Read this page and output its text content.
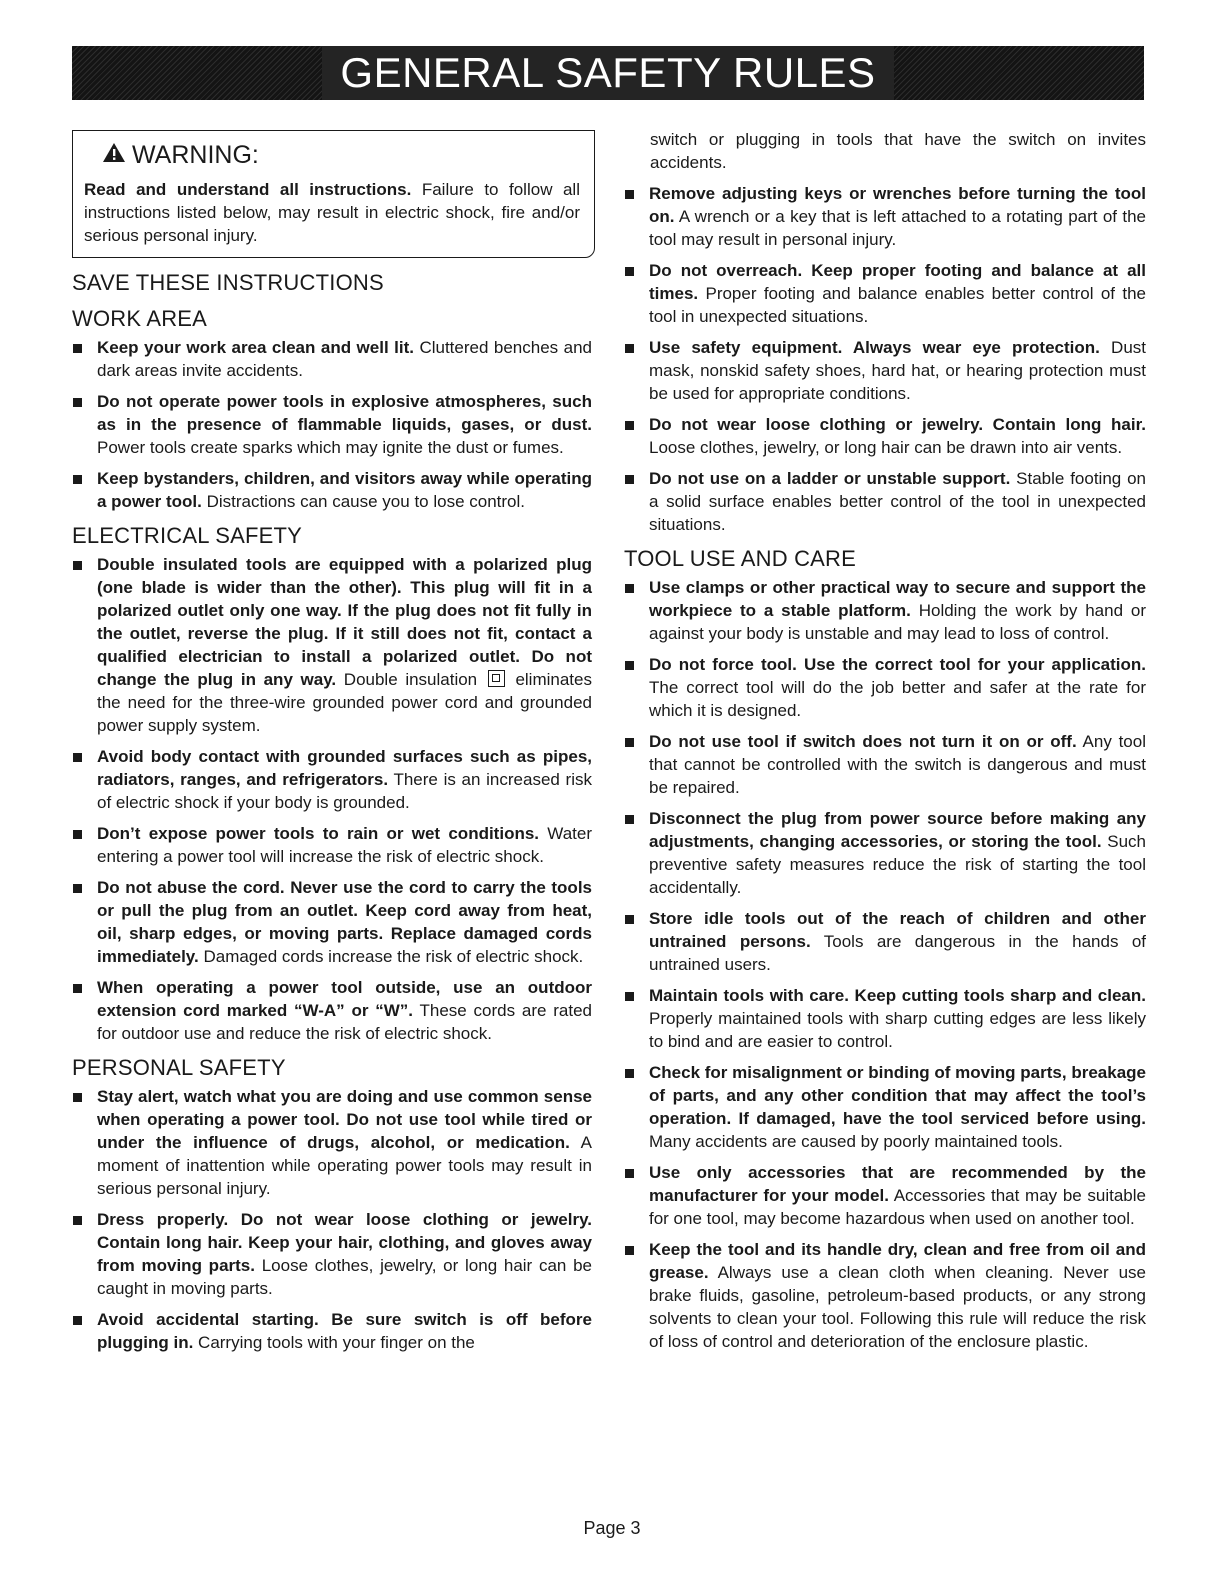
GENERAL SAFETY RULES
WARNING:
Read and understand all instructions. Failure to follow all instructions listed below, may result in electric shock, fire and/or serious personal injury.
SAVE THESE INSTRUCTIONS
WORK AREA
Keep your work area clean and well lit. Cluttered benches and dark areas invite accidents.
Do not operate power tools in explosive atmospheres, such as in the presence of flammable liquids, gases, or dust. Power tools create sparks which may ignite the dust or fumes.
Keep bystanders, children, and visitors away while operating a power tool. Distractions can cause you to lose control.
ELECTRICAL SAFETY
Double insulated tools are equipped with a polarized plug (one blade is wider than the other). This plug will fit in a polarized outlet only one way. If the plug does not fit fully in the outlet, reverse the plug. If it still does not fit, contact a qualified electrician to install a polarized outlet. Do not change the plug in any way. Double insulation  eliminates the need for the three-wire grounded power cord and grounded power supply system.
Avoid body contact with grounded surfaces such as pipes, radiators, ranges, and refrigerators. There is an increased risk of electric shock if your body is grounded.
Don’t expose power tools to rain or wet conditions. Water entering a power tool will increase the risk of electric shock.
Do not abuse the cord. Never use the cord to carry the tools or pull the plug from an outlet. Keep cord away from heat, oil, sharp edges, or moving parts. Replace damaged cords immediately. Damaged cords increase the risk of electric shock.
When operating a power tool outside, use an outdoor extension cord marked “W-A” or “W”. These cords are rated for outdoor use and reduce the risk of electric shock.
PERSONAL SAFETY
Stay alert, watch what you are doing and use common sense when operating a power tool. Do not use tool while tired or under the influence of drugs, alcohol, or medication. A moment of inattention while operating power tools may result in serious personal injury.
Dress properly. Do not wear loose clothing or jewelry. Contain long hair. Keep your hair, clothing, and gloves away from moving parts. Loose clothes, jewelry, or long hair can be caught in moving parts.
Avoid accidental starting. Be sure switch is off before plugging in. Carrying tools with your finger on the
switch or plugging in tools that have the switch on invites accidents.
Remove adjusting keys or wrenches before turning the tool on. A wrench or a key that is left attached to a rotating part of the tool may result in personal injury.
Do not overreach. Keep proper footing and balance at all times. Proper footing and balance enables better control of the tool in unexpected situations.
Use safety equipment. Always wear eye protection. Dust mask, nonskid safety shoes, hard hat, or hearing protection must be used for appropriate conditions.
Do not wear loose clothing or jewelry. Contain long hair. Loose clothes, jewelry, or long hair can be drawn into air vents.
Do not use on a ladder or unstable support. Stable footing on a solid surface enables better control of the tool in unexpected situations.
TOOL USE AND CARE
Use clamps or other practical way to secure and support the workpiece to a stable platform. Holding the work by hand or against your body is unstable and may lead to loss of control.
Do not force tool. Use the correct tool for your application. The correct tool will do the job better and safer at the rate for which it is designed.
Do not use tool if switch does not turn it on or off. Any tool that cannot be controlled with the switch is dangerous and must be repaired.
Disconnect the plug from power source before making any adjustments, changing accessories, or storing the tool. Such preventive safety measures reduce the risk of starting the tool accidentally.
Store idle tools out of the reach of children and other untrained persons. Tools are dangerous in the hands of untrained users.
Maintain tools with care. Keep cutting tools sharp and clean. Properly maintained tools with sharp cutting edges are less likely to bind and are easier to control.
Check for misalignment or binding of moving parts, breakage of parts, and any other condition that may affect the tool’s operation. If damaged, have the tool serviced before using. Many accidents are caused by poorly maintained tools.
Use only accessories that are recommended by the manufacturer for your model. Accessories that may be suitable for one tool, may become hazardous when used on another tool.
Keep the tool and its handle dry, clean and free from oil and grease. Always use a clean cloth when cleaning. Never use brake fluids, gasoline, petroleum-based products, or any strong solvents to clean your tool. Following this rule will reduce the risk of loss of control and deterioration of the enclosure plastic.
Page 3
